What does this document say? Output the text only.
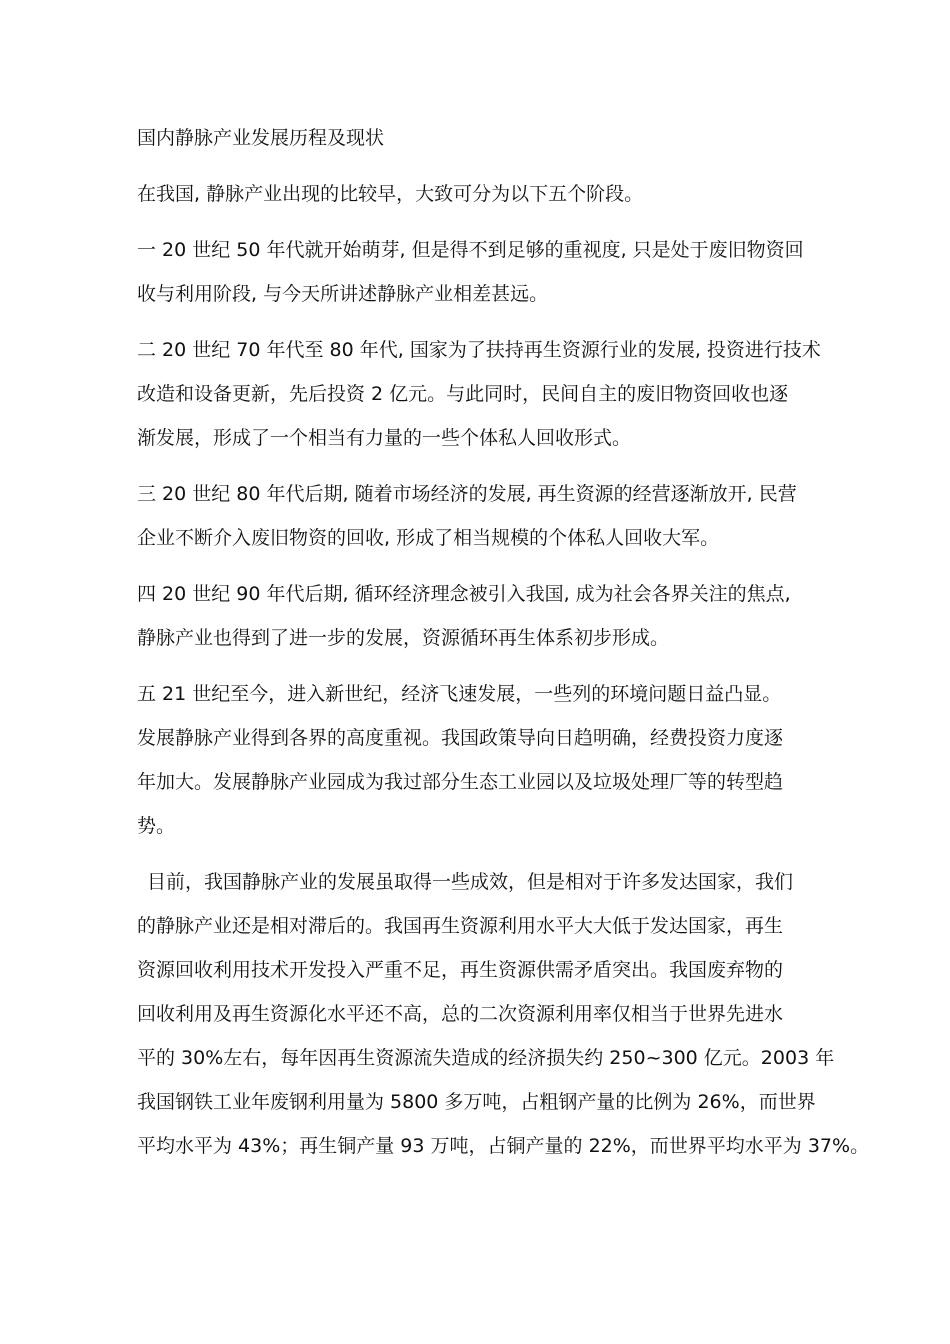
国内静脉产业发展历程及现状

在我国, 静脉产业出现的比较早，大致可分为以下五个阶段。

一 20 世纪 50 年代就开始萌芽, 但是得不到足够的重视度, 只是处于废旧物资回
收与利用阶段, 与今天所讲述静脉产业相差甚远。

二 20 世纪 70 年代至 80 年代, 国家为了扶持再生资源行业的发展, 投资进行技术
改造和设备更新，先后投资 2 亿元。与此同时，民间自主的废旧物资回收也逐
渐发展，形成了一个相当有力量的一些个体私人回收形式。

三 20 世纪 80 年代后期, 随着市场经济的发展, 再生资源的经营逐渐放开, 民营
企业不断介入废旧物资的回收, 形成了相当规模的个体私人回收大军。

四 20 世纪 90 年代后期, 循环经济理念被引入我国, 成为社会各界关注的焦点,
静脉产业也得到了进一步的发展，资源循环再生体系初步形成。

五 21 世纪至今，进入新世纪，经济飞速发展，一些列的环境问题日益凸显。
发展静脉产业得到各界的高度重视。我国政策导向日趋明确，经费投资力度逐
年加大。发展静脉产业园成为我过部分生态工业园以及垃圾处理厂等的转型趋
势。

目前，我国静脉产业的发展虽取得一些成效，但是相对于许多发达国家，我们
的静脉产业还是相对滞后的。我国再生资源利用水平大大低于发达国家，再生
资源回收利用技术开发投入严重不足，再生资源供需矛盾突出。我国废弃物的
回收利用及再生资源化水平还不高，总的二次资源利用率仅相当于世界先进水
平的 30%左右，每年因再生资源流失造成的经济损失约 250~300 亿元。2003 年
我国钢铁工业年废钢利用量为 5800 多万吨，占粗钢产量的比例为 26%，而世界
平均水平为 43%；再生铜产量 93 万吨，占铜产量的 22%，而世界平均水平为 37%。
